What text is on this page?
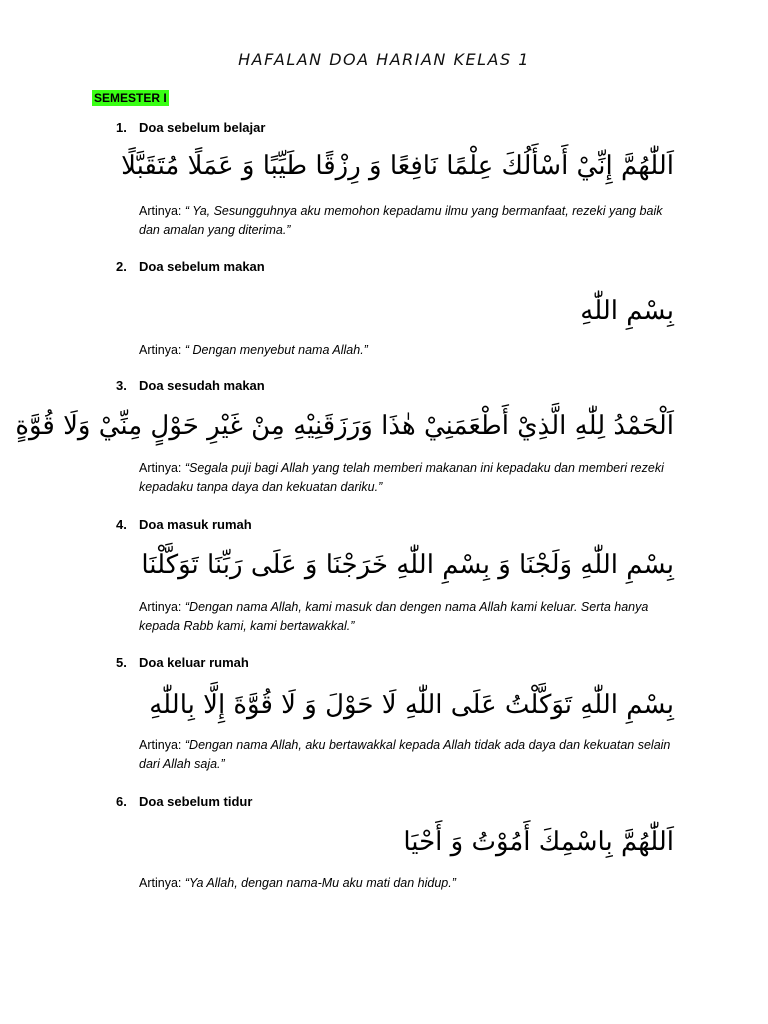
HAFALAN DOA HARIAN KELAS 1
SEMESTER I
1. Doa sebelum belajar
اَللّٰهُمَّ إِنِّيْ أَسْأَلُكَ عِلْمًا نَافِعًا وَ رِزْقًا طَيِّبًا وَ عَمَلًا مُتَقَبَّلًا
Artinya: “ Ya, Sesungguhnya aku memohon kepadamu ilmu yang bermanfaat, rezeki yang baik dan amalan yang diterima.”
2. Doa sebelum makan
بِسْمِ اللّٰهِ
Artinya: “ Dengan menyebut nama Allah.”
3. Doa sesudah makan
اَلْحَمْدُ لِلّٰهِ الَّذِيْ أَطْعَمَنِيْ هٰذَا وَرَزَقَنِيْهِ مِنْ غَيْرِ حَوْلٍ مِنِّيْ وَلَا قُوَّةٍ
Artinya: “Segala puji bagi Allah yang telah memberi makanan ini kepadaku dan memberi rezeki kepadaku tanpa daya dan kekuatan dariku.”
4. Doa masuk rumah
بِسْمِ اللّٰهِ وَلَجْنَا وَ بِسْمِ اللّٰهِ خَرَجْنَا وَ عَلَى رَبِّنَا تَوَكَّلْنَا
Artinya: “Dengan nama Allah, kami masuk dan dengen nama Allah kami keluar. Serta hanya kepada Rabb kami, kami bertawakkal.”
5. Doa keluar rumah
بِسْمِ اللّٰهِ تَوَكَّلْتُ عَلَى اللّٰهِ لَا حَوْلَ وَ لَا قُوَّةَ إِلَّا بِاللّٰهِ
Artinya: “Dengan nama Allah, aku bertawakkal kepada Allah tidak ada daya dan kekuatan selain dari Allah saja.”
6. Doa sebelum tidur
اَللّٰهُمَّ بِاسْمِكَ أَمُوْتُ وَ أَحْيَا
Artinya: “Ya Allah, dengan nama-Mu aku mati dan hidup.”
